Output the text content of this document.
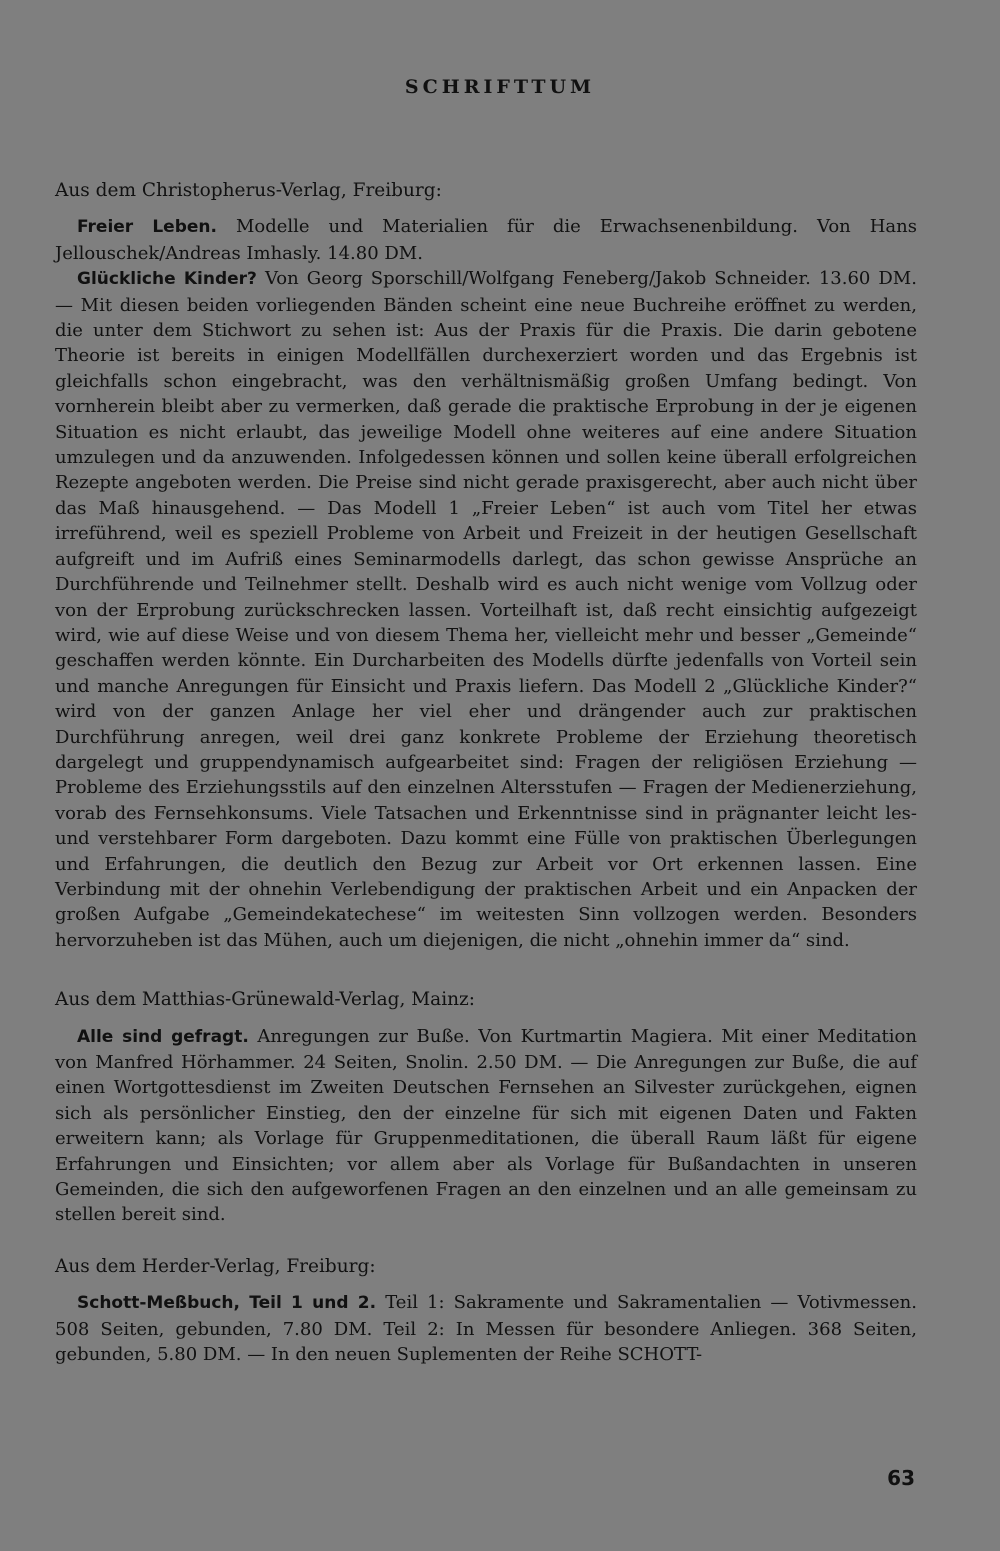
SCHRIFTTUM

Aus dem Christopherus-Verlag, Freiburg:

Freier Leben. Modelle und Materialien für die Erwachsenenbildung. Von Hans Jellouschek/Andreas Imhasly. 14.80 DM.

Glückliche Kinder? Von Georg Sporschill/Wolfgang Feneberg/Jakob Schneider. 13.60 DM. — Mit diesen beiden vorliegenden Bänden scheint eine neue Buchreihe eröffnet zu werden, die unter dem Stichwort zu sehen ist: Aus der Praxis für die Praxis. Die darin gebotene Theorie ist bereits in einigen Modellfällen durchexerziert worden und das Ergebnis ist gleichfalls schon eingebracht, was den verhältnismäßig großen Umfang bedingt. Von vornherein bleibt aber zu vermerken, daß gerade die praktische Erprobung in der je eigenen Situation es nicht erlaubt, das jeweilige Modell ohne weiteres auf eine andere Situation umzulegen und da anzuwenden. Infolgedessen können und sollen keine überall erfolgreichen Rezepte angeboten werden. Die Preise sind nicht gerade praxisgerecht, aber auch nicht über das Maß hinausgehend. — Das Modell 1 „Freier Leben“ ist auch vom Titel her etwas irreführend, weil es speziell Probleme von Arbeit und Freizeit in der heutigen Gesellschaft aufgreift und im Aufriß eines Seminarmodells darlegt, das schon gewisse Ansprüche an Durchführende und Teilnehmer stellt. Deshalb wird es auch nicht wenige vom Vollzug oder von der Erprobung zurückschrecken lassen. Vorteilhaft ist, daß recht einsichtig aufgezeigt wird, wie auf diese Weise und von diesem Thema her, vielleicht mehr und besser „Gemeinde“ geschaffen werden könnte. Ein Durcharbeiten des Modells dürfte jedenfalls von Vorteil sein und manche Anregungen für Einsicht und Praxis liefern. Das Modell 2 „Glückliche Kinder?“ wird von der ganzen Anlage her viel eher und drängender auch zur praktischen Durchführung anregen, weil drei ganz konkrete Probleme der Erziehung theoretisch dargelegt und gruppendynamisch aufgearbeitet sind: Fragen der religiösen Erziehung — Probleme des Erziehungsstils auf den einzelnen Altersstufen — Fragen der Medienerziehung, vorab des Fernsehkonsums. Viele Tatsachen und Erkenntnisse sind in prägnanter leicht les- und verstehbarer Form dargeboten. Dazu kommt eine Fülle von praktischen Überlegungen und Erfahrungen, die deutlich den Bezug zur Arbeit vor Ort erkennen lassen. Eine Verbindung mit der ohnehin Verlebendigung der praktischen Arbeit und ein Anpacken der großen Aufgabe „Gemeindekatechese“ im weitesten Sinn vollzogen werden. Besonders hervorzuheben ist das Mühen, auch um diejenigen, die nicht „ohnehin immer da“ sind.

Aus dem Matthias-Grünewald-Verlag, Mainz:

Alle sind gefragt. Anregungen zur Buße. Von Kurtmartin Magiera. Mit einer Meditation von Manfred Hörhammer. 24 Seiten, Snolin. 2.50 DM. — Die Anregungen zur Buße, die auf einen Wortgottesdienst im Zweiten Deutschen Fernsehen an Silvester zurückgehen, eignen sich als persönlicher Einstieg, den der einzelne für sich mit eigenen Daten und Fakten erweitern kann; als Vorlage für Gruppenmeditationen, die überall Raum läßt für eigene Erfahrungen und Einsichten; vor allem aber als Vorlage für Bußandachten in unseren Gemeinden, die sich den aufgeworfenen Fragen an den einzelnen und an alle gemeinsam zu stellen bereit sind.

Aus dem Herder-Verlag, Freiburg:

Schott-Meßbuch, Teil 1 und 2. Teil 1: Sakramente und Sakramentalien — Votivmessen. 508 Seiten, gebunden, 7.80 DM. Teil 2: In Messen für besondere Anliegen. 368 Seiten, gebunden, 5.80 DM. — In den neuen Suplementen der Reihe SCHOTT-

63
